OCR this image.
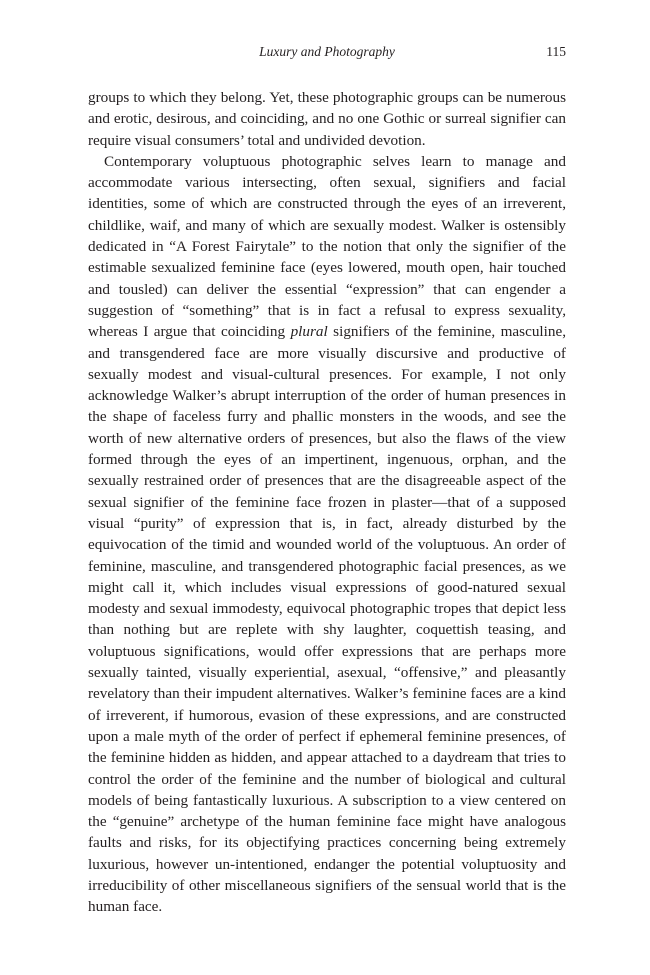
Luxury and Photography	115

groups to which they belong. Yet, these photographic groups can be numerous and erotic, desirous, and coinciding, and no one Gothic or surreal signifier can require visual consumers’ total and undivided devotion.

Contemporary voluptuous photographic selves learn to manage and accommodate various intersecting, often sexual, signifiers and facial identities, some of which are constructed through the eyes of an irreverent, childlike, waif, and many of which are sexually modest. Walker is ostensibly dedicated in “A Forest Fairytale” to the notion that only the signifier of the estimable sexualized feminine face (eyes lowered, mouth open, hair touched and tousled) can deliver the essential “expression” that can engender a suggestion of “something” that is in fact a refusal to express sexuality, whereas I argue that coinciding plural signifiers of the feminine, masculine, and transgendered face are more visually discursive and productive of sexually modest and visual-cultural presences. For example, I not only acknowledge Walker’s abrupt interruption of the order of human presences in the shape of faceless furry and phallic monsters in the woods, and see the worth of new alternative orders of presences, but also the flaws of the view formed through the eyes of an impertinent, ingenuous, orphan, and the sexually restrained order of presences that are the disagreeable aspect of the sexual signifier of the feminine face frozen in plaster—that of a supposed visual “purity” of expression that is, in fact, already disturbed by the equivocation of the timid and wounded world of the voluptuous. An order of feminine, masculine, and transgendered photographic facial presences, as we might call it, which includes visual expressions of good-natured sexual modesty and sexual immodesty, equivocal photographic tropes that depict less than nothing but are replete with shy laughter, coquettish teasing, and voluptuous significations, would offer expressions that are perhaps more sexually tainted, visually experiential, asexual, “offensive,” and pleasantly revelatory than their impudent alternatives. Walker’s feminine faces are a kind of irreverent, if humorous, evasion of these expressions, and are constructed upon a male myth of the order of perfect if ephemeral feminine presences, of the feminine hidden as hidden, and appear attached to a daydream that tries to control the order of the feminine and the number of biological and cultural models of being fantastically luxurious. A subscription to a view centered on the “genuine” archetype of the human feminine face might have analogous faults and risks, for its objectifying practices concerning being extremely luxurious, however un-intentioned, endanger the potential voluptuosity and irreducibility of other miscellaneous signifiers of the sensual world that is the human face.
